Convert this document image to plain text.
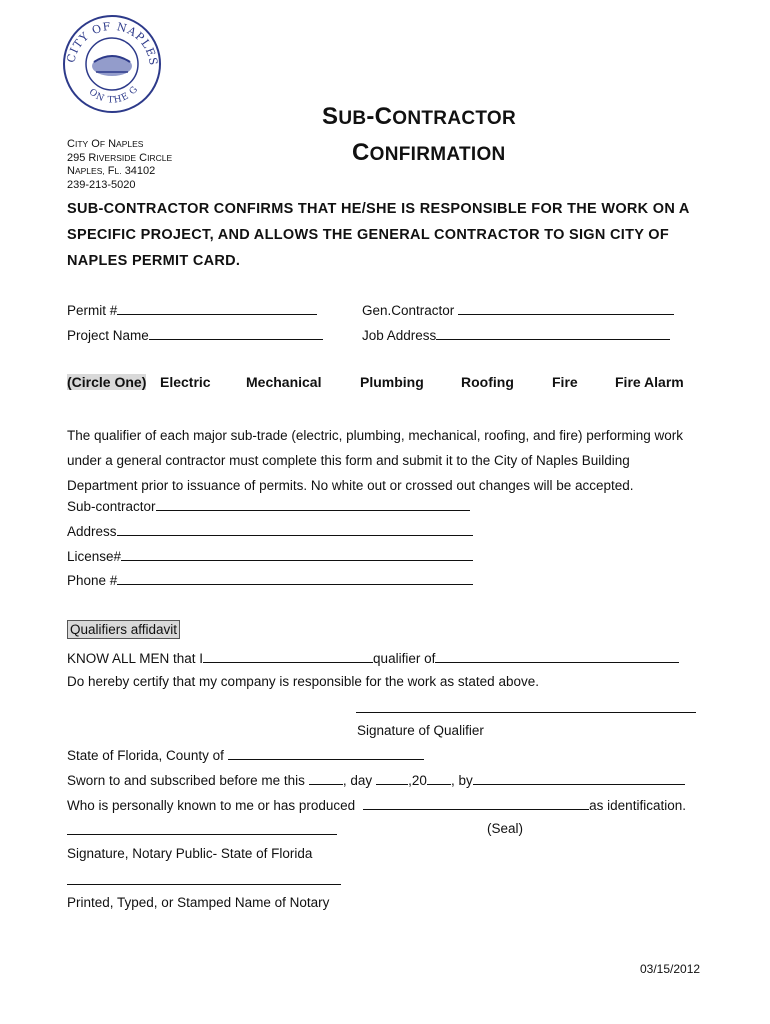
CITY OF NAPLES
ON THE G
CITY OF NAPLES
295 RIVERSIDE CIRCLE
NAPLES, FL. 34102
239-213-5020
SUB-CONTRACTOR
CONFIRMATION
SUB-CONTRACTOR CONFIRMS THAT HE/SHE IS RESPONSIBLE FOR THE WORK ON A
SPECIFIC PROJECT, AND ALLOWS THE GENERAL CONTRACTOR TO SIGN CITY OF
NAPLES PERMIT CARD.
Permit #	Gen.Contractor
Project Name	Job Address
(Circle One) Electric	Mechanical	Plumbing	Roofing	Fire	Fire Alarm
The qualifier of each major sub-trade (electric, plumbing, mechanical, roofing, and fire) performing work
under a general contractor must complete this form and submit it to the City of Naples Building
Department prior to issuance of permits. No white out or crossed out changes will be accepted.
Sub-contractor
Address
License#
Phone #
Qualifiers affidavit
KNOW ALL MEN that I	qualifier of
Do hereby certify that my company is responsible for the work as stated above.
Signature of Qualifier
State of Florida, County of
Sworn to and subscribed before me this	, day	,20 , by
Who is personally known to me or has produced	as identification.
(Seal)
Signature, Notary Public- State of Florida
Printed, Typed, or Stamped Name of Notary
03/15/2012
